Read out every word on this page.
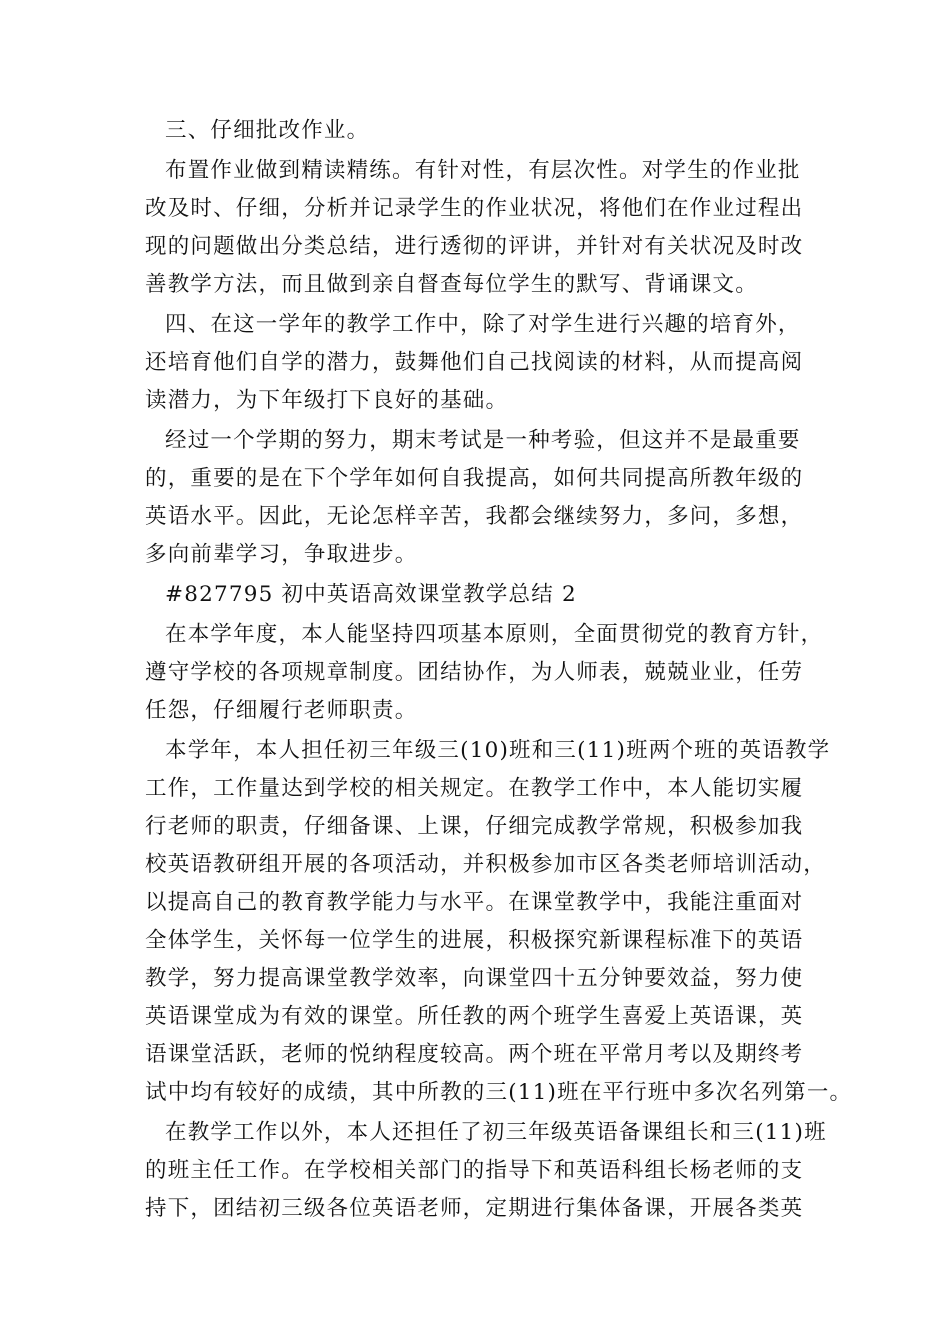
三、仔细批改作业。
布置作业做到精读精练。有针对性，有层次性。对学生的作业批
改及时、仔细，分析并记录学生的作业状况，将他们在作业过程出
现的问题做出分类总结，进行透彻的评讲，并针对有关状况及时改
善教学方法，而且做到亲自督查每位学生的默写、背诵课文。
四、在这一学年的教学工作中，除了对学生进行兴趣的培育外，
还培育他们自学的潜力，鼓舞他们自己找阅读的材料，从而提高阅
读潜力，为下年级打下良好的基础。
经过一个学期的努力，期末考试是一种考验，但这并不是最重要
的，重要的是在下个学年如何自我提高，如何共同提高所教年级的
英语水平。因此，无论怎样辛苦，我都会继续努力，多问，多想，
多向前辈学习，争取进步。
#827795 初中英语高效课堂教学总结 2
在本学年度，本人能坚持四项基本原则，全面贯彻党的教育方针，
遵守学校的各项规章制度。团结协作，为人师表，兢兢业业，任劳
任怨，仔细履行老师职责。
本学年，本人担任初三年级三(10)班和三(11)班两个班的英语教学
工作，工作量达到学校的相关规定。在教学工作中，本人能切实履
行老师的职责，仔细备课、上课，仔细完成教学常规，积极参加我
校英语教研组开展的各项活动，并积极参加市区各类老师培训活动，
以提高自己的教育教学能力与水平。在课堂教学中，我能注重面对
全体学生，关怀每一位学生的进展，积极探究新课程标准下的英语
教学，努力提高课堂教学效率，向课堂四十五分钟要效益，努力使
英语课堂成为有效的课堂。所任教的两个班学生喜爱上英语课，英
语课堂活跃，老师的悦纳程度较高。两个班在平常月考以及期终考
试中均有较好的成绩，其中所教的三(11)班在平行班中多次名列第一。
在教学工作以外，本人还担任了初三年级英语备课组长和三(11)班
的班主任工作。在学校相关部门的指导下和英语科组长杨老师的支
持下，团结初三级各位英语老师，定期进行集体备课，开展各类英
